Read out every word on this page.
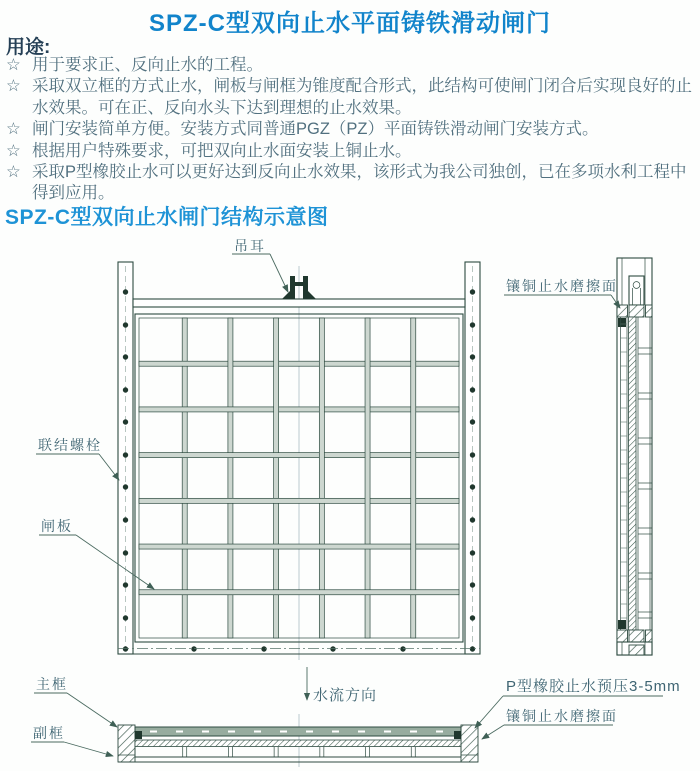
SPZ-C型双向止水平面铸铁滑动闸门
用途:
☆ 用于要求正、反向止水的工程。
☆ 采取双立框的方式止水，闸板与闸框为锥度配合形式，此结构可使闸门闭合后实现良好的止水效果。可在正、反向水头下达到理想的止水效果。
☆ 闸门安装简单方便。安装方式同普通PGZ（PZ）平面铸铁滑动闸门安装方式。
☆ 根据用户特殊要求，可把双向止水面安装上铜止水。
☆ 采取P型橡胶止水可以更好达到反向止水效果，该形式为我公司独创，已在多项水利工程中得到应用。
SPZ-C型双向止水闸门结构示意图
水流方向
吊耳
镶铜止水磨擦面
联结螺栓
闸板
主框
副框
P型橡胶止水预压3-5mm
镶铜止水磨擦面
